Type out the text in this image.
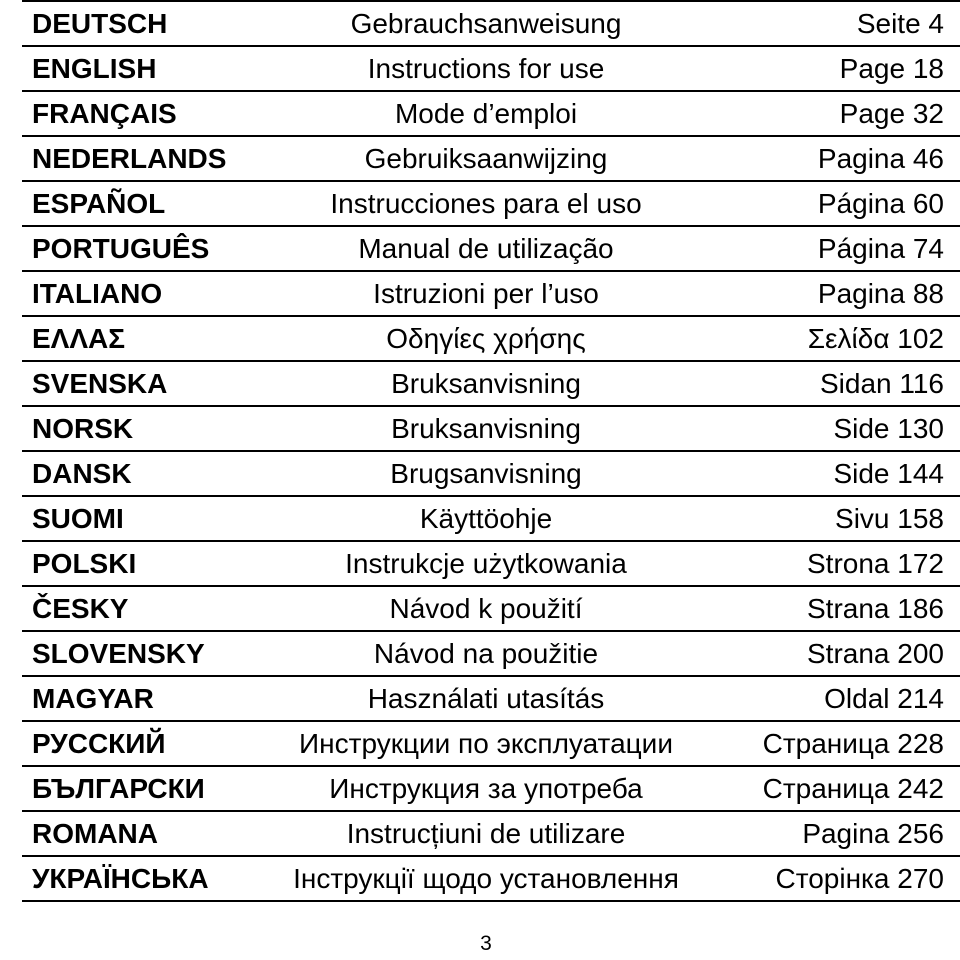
DEUTSCH	Gebrauchsanweisung	Seite 4
ENGLISH	Instructions for use	Page 18
FRANÇAIS	Mode d’emploi	Page 32
NEDERLANDS	Gebruiksaanwijzing	Pagina 46
ESPAÑOL	Instrucciones para el uso	Página 60
PORTUGUÊS	Manual de utilização	Página 74
ITALIANO	Istruzioni per l’uso	Pagina 88
ΕΛΛΑΣ	Οδηγίες χρήσης	Σελίδα 102
SVENSKA	Bruksanvisning	Sidan 116
NORSK	Bruksanvisning	Side 130
DANSK	Brugsanvisning	Side 144
SUOMI	Käyttöohje	Sivu 158
POLSKI	Instrukcje użytkowania	Strona 172
ČESKY	Návod k použití	Strana 186
SLOVENSKY	Návod na použitie	Strana 200
MAGYAR	Használati utasítás	Oldal 214
РУССКИЙ	Инструкции по эксплуатации	Страница 228
БЪЛГАРСКИ	Инструкция за употреба	Страница 242
ROMANA	Instrucțiuni de utilizare	Pagina 256
УКРАЇНСЬКА	Інструкції щодо установлення	Сторінка 270
3
